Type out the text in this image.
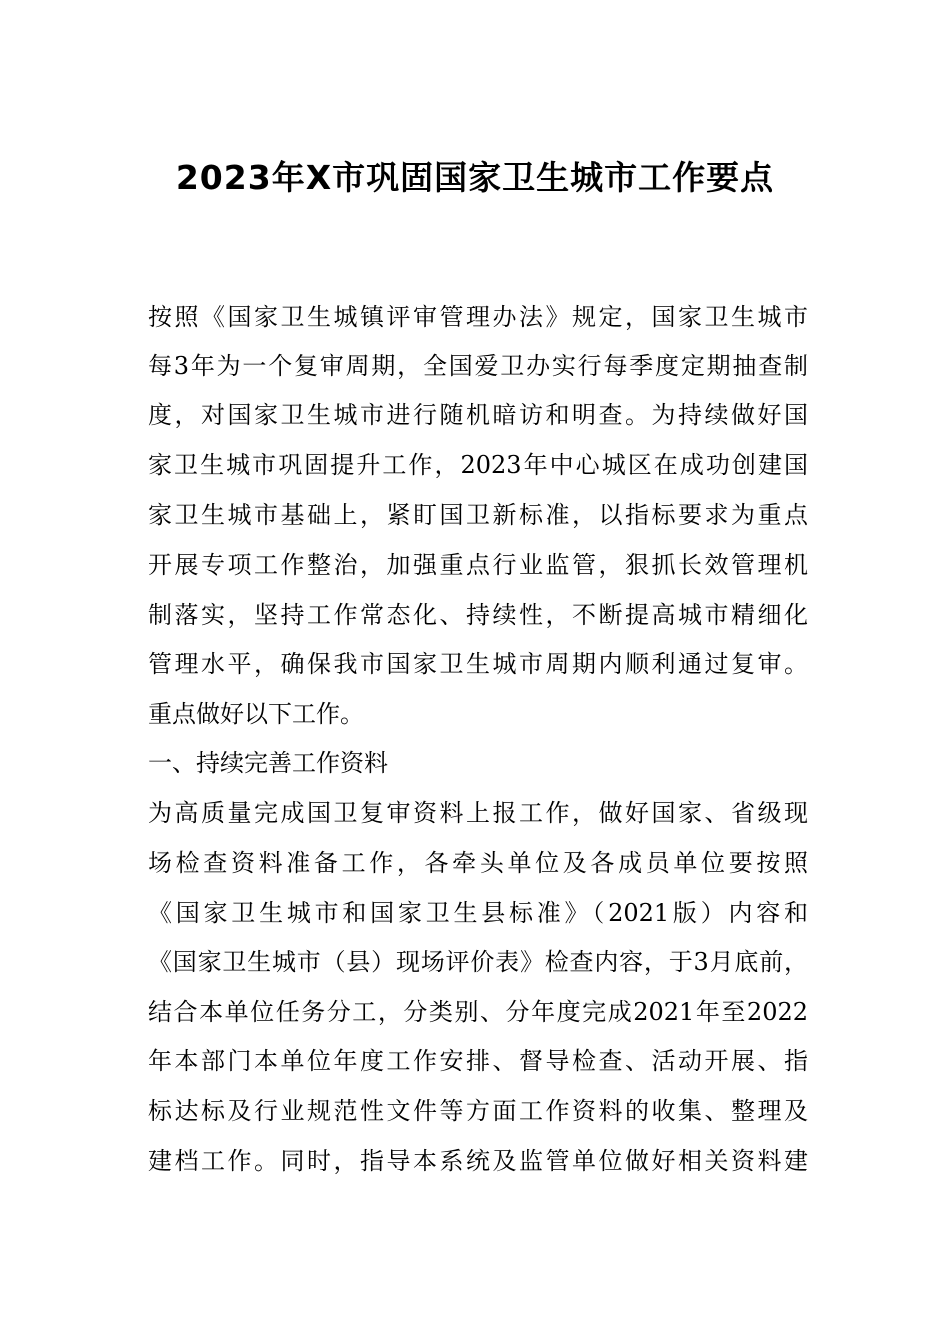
2023年X市巩固国家卫生城市工作要点
按照《国家卫生城镇评审管理办法》规定，国家卫生城市
每3年为一个复审周期，全国爱卫办实行每季度定期抽查制
度，对国家卫生城市进行随机暗访和明查。为持续做好国
家卫生城市巩固提升工作，2023年中心城区在成功创建国
家卫生城市基础上，紧盯国卫新标准，以指标要求为重点
开展专项工作整治，加强重点行业监管，狠抓长效管理机
制落实，坚持工作常态化、持续性，不断提高城市精细化
管理水平，确保我市国家卫生城市周期内顺利通过复审。
重点做好以下工作。
一、持续完善工作资料
为高质量完成国卫复审资料上报工作，做好国家、省级现
场检查资料准备工作，各牵头单位及各成员单位要按照
《国家卫生城市和国家卫生县标准》（2021版）内容和
《国家卫生城市（县）现场评价表》检查内容，于3月底前，
结合本单位任务分工，分类别、分年度完成2021年至2022
年本部门本单位年度工作安排、督导检查、活动开展、指
标达标及行业规范性文件等方面工作资料的收集、整理及
建档工作。同时，指导本系统及监管单位做好相关资料建
